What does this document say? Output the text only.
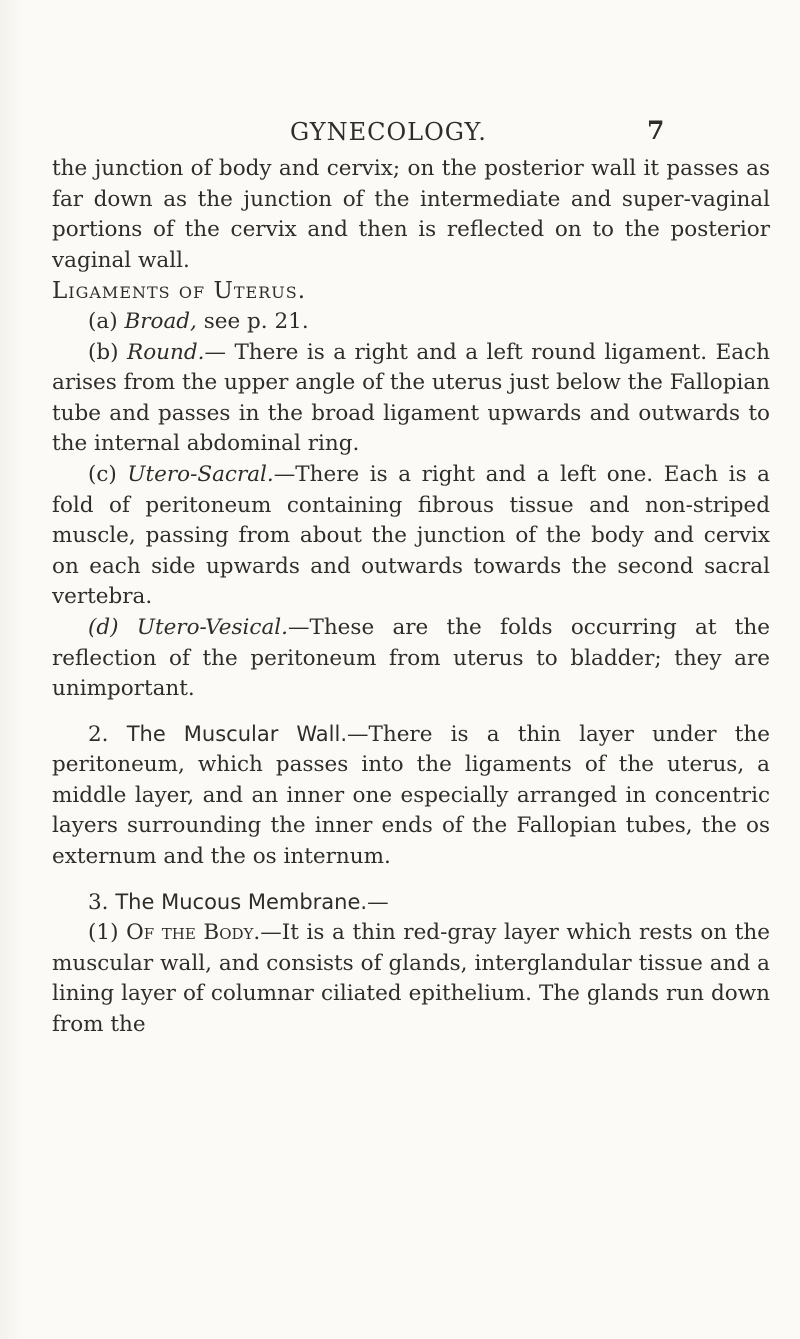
GYNECOLOGY.	7

the junction of body and cervix; on the posterior wall it passes as far down as the junction of the intermediate and super-vaginal portions of the cervix and then is reflected on to the posterior vaginal wall.

Ligaments of Uterus.

(a) Broad, see p. 21.

(b) Round.— There is a right and a left round ligament. Each arises from the upper angle of the uterus just below the Fallopian tube and passes in the broad ligament upwards and outwards to the internal abdominal ring.

(c) Utero-Sacral.—There is a right and a left one. Each is a fold of peritoneum containing fibrous tissue and non-striped muscle, passing from about the junction of the body and cervix on each side upwards and outwards towards the second sacral vertebra.

(d) Utero-Vesical.—These are the folds occurring at the reflection of the peritoneum from uterus to bladder; they are unimportant.

2. The Muscular Wall.—There is a thin layer under the peritoneum, which passes into the ligaments of the uterus, a middle layer, and an inner one especially arranged in concentric layers surrounding the inner ends of the Fallopian tubes, the os externum and the os internum.

3. The Mucous Membrane.—

(1) Of the Body.—It is a thin red-gray layer which rests on the muscular wall, and consists of glands, interglandular tissue and a lining layer of columnar ciliated epithelium. The glands run down from the
